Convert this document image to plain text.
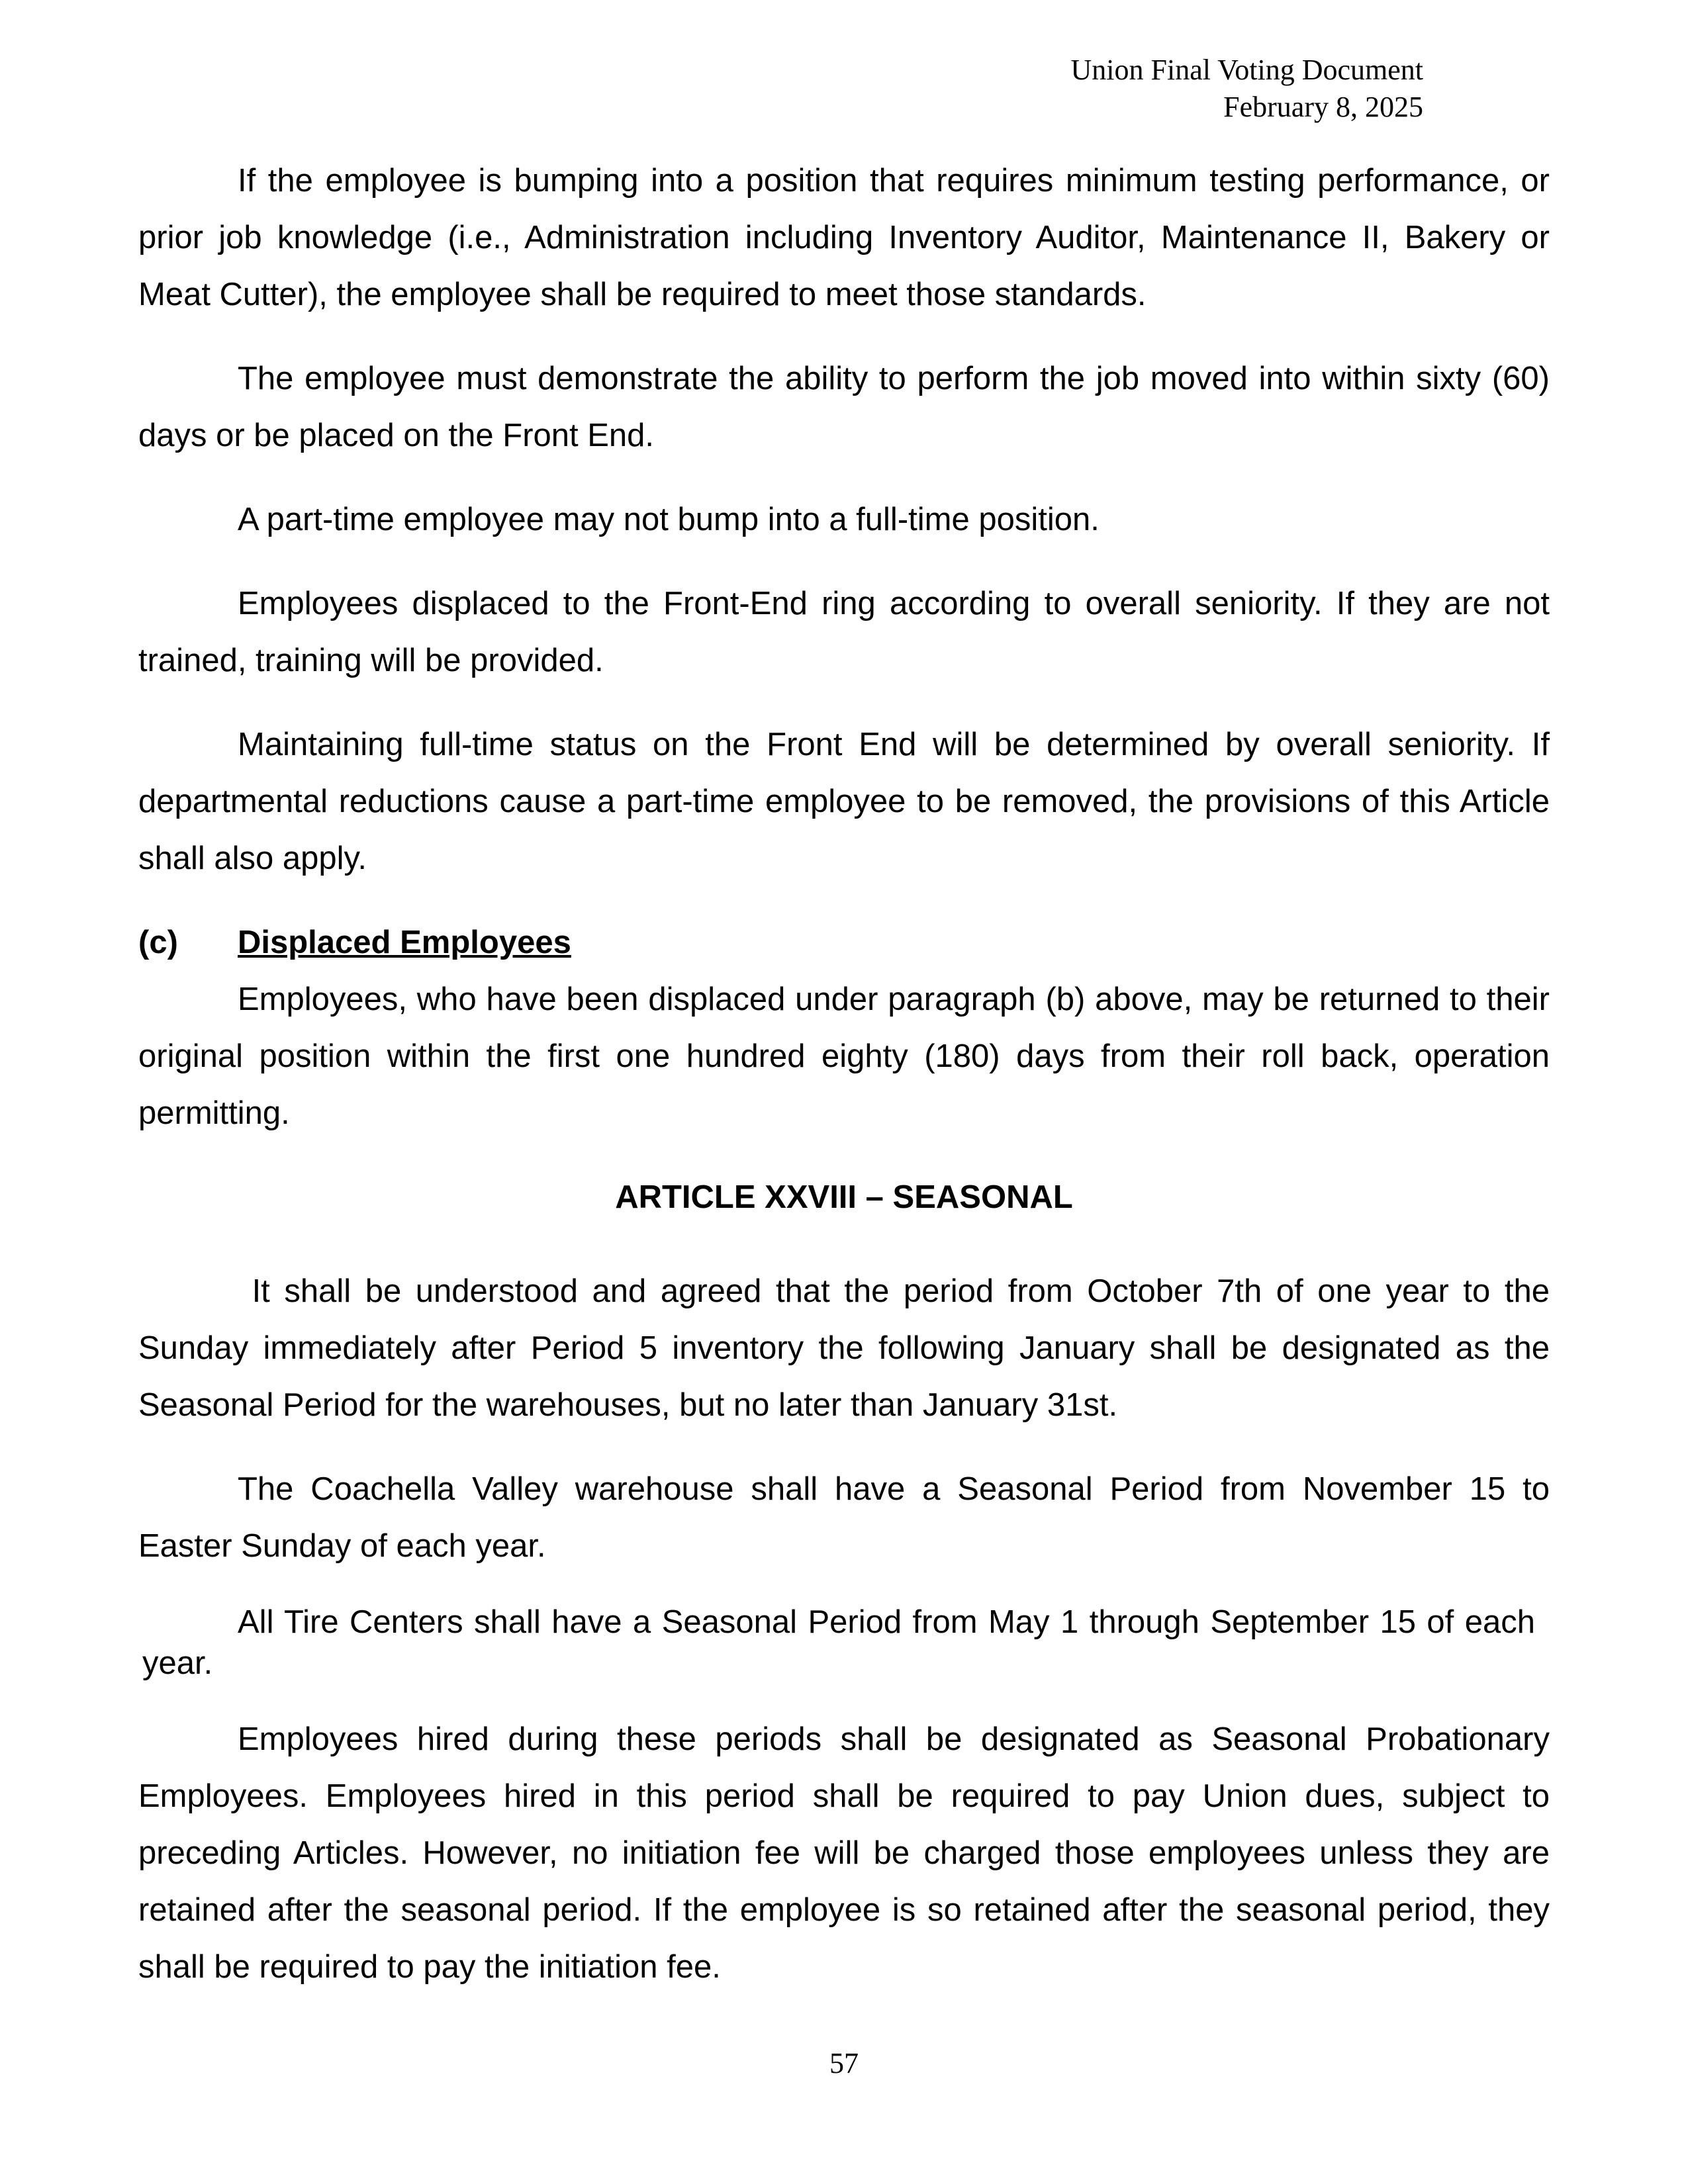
Union Final Voting Document
February 8, 2025

If the employee is bumping into a position that requires minimum testing performance, or prior job knowledge (i.e., Administration including Inventory Auditor, Maintenance II, Bakery or Meat Cutter), the employee shall be required to meet those standards.

The employee must demonstrate the ability to perform the job moved into within sixty (60) days or be placed on the Front End.

A part-time employee may not bump into a full-time position.

Employees displaced to the Front-End ring according to overall seniority. If they are not trained, training will be provided.

Maintaining full-time status on the Front End will be determined by overall seniority. If departmental reductions cause a part-time employee to be removed, the provisions of this Article shall also apply.

(c)	Displaced Employees

Employees, who have been displaced under paragraph (b) above, may be returned to their original position within the first one hundred eighty (180) days from their roll back, operation permitting.

ARTICLE XXVIII – SEASONAL

It shall be understood and agreed that the period from October 7th of one year to the Sunday immediately after Period 5 inventory the following January shall be designated as the Seasonal Period for the warehouses, but no later than January 31st.

The Coachella Valley warehouse shall have a Seasonal Period from November 15 to Easter Sunday of each year.

All Tire Centers shall have a Seasonal Period from May 1 through September 15 of each

year.

Employees hired during these periods shall be designated as Seasonal Probationary Employees. Employees hired in this period shall be required to pay Union dues, subject to preceding Articles. However, no initiation fee will be charged those employees unless they are retained after the seasonal period. If the employee is so retained after the seasonal period, they shall be required to pay the initiation fee.

57
